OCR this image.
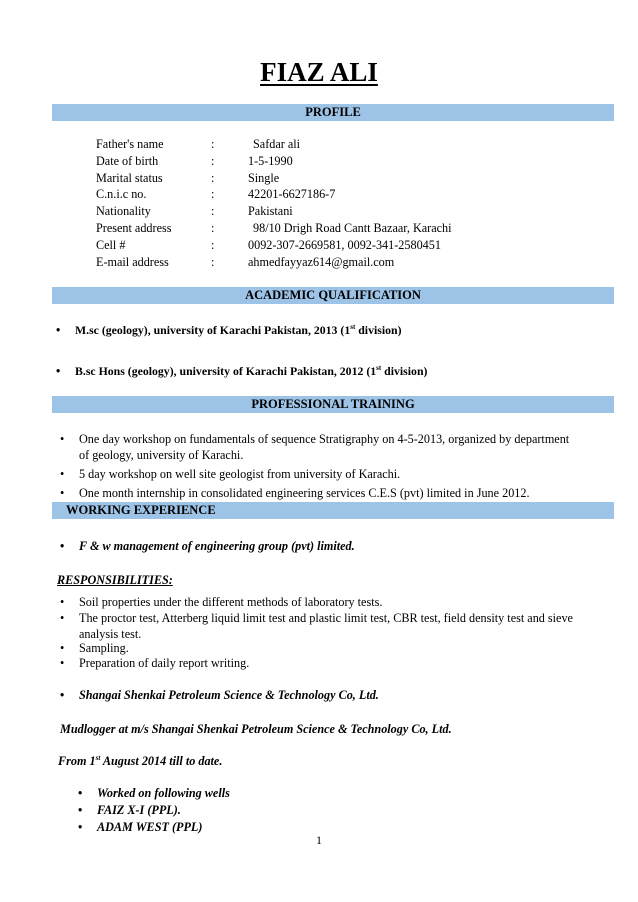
FIAZ ALI
PROFILE
Father's name	:	Safdar ali
Date of birth	:	1-5-1990
Marital status	:	Single
C.n.i.c no.	:	42201-6627186-7
Nationality	:	Pakistani
Present address	:	98/10 Drigh Road Cantt Bazaar, Karachi
Cell #	:	0092-307-2669581, 0092-341-2580451
E-mail address	:	ahmedfayyaz614@gmail.com
ACADEMIC QUALIFICATION
• M.sc (geology), university of Karachi Pakistan, 2013 (1st division)
• B.sc Hons (geology), university of Karachi Pakistan, 2012 (1st division)
PROFESSIONAL TRAINING
• One day workshop on fundamentals of sequence Stratigraphy on 4-5-2013, organized by department
of geology, university of Karachi.
• 5 day workshop on well site geologist from university of Karachi.
• One month internship in consolidated engineering services C.E.S (pvt) limited in June 2012.
WORKING EXPERIENCE
• F & w management of engineering group (pvt) limited.
RESPONSIBILITIES:
• Soil properties under the different methods of laboratory tests.
• The proctor test, Atterberg liquid limit test and plastic limit test, CBR test, field density test and sieve
analysis test.
• Sampling.
• Preparation of daily report writing.
• Shangai Shenkai Petroleum Science & Technology Co, Ltd.
Mudlogger at m/s Shangai Shenkai Petroleum Science & Technology Co, Ltd.
From 1st August 2014 till to date.
• Worked on following wells
• FAIZ X-I (PPL).
• ADAM WEST (PPL)
1
